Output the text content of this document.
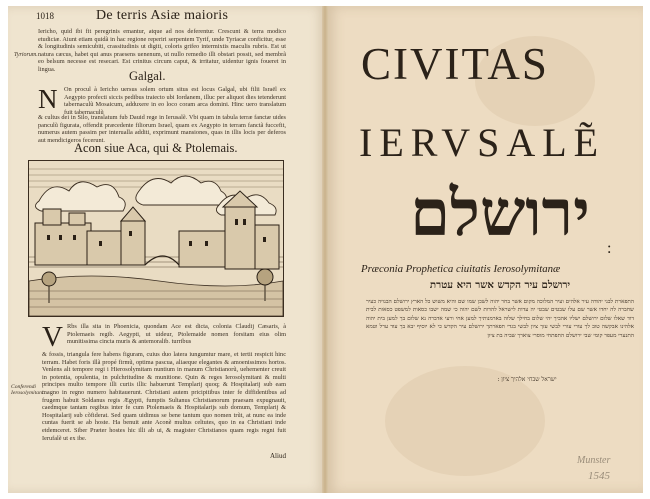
1018	De terris Asiæ maioris
Tyriorum.
Iericho, quid ibi fit peregrinis emantur, atque ad nos deferentur. Crescunt & terra modico etudiciæ. Aiunt etiam quidã in hac regione reperiri serpentem Tyrif, unde Tyriacæ conficitur, esse & longitudinis semicubiti, crassitudinis ut digiti, coloris grifeo intermixtis maculis rubris. Est ut natura cæcus, habet qui anus praesens uenenum, ut nullo remedio illi obstari possit, sed membrã eo belsum necesse est resecari. Est crinitus circum caput, & irritatur, uidentur ignis foueret in lingua.	Galgal.
N On procul à Iericho uersus solem ortum situs est locus Galgal, ubi filii Israël ex Aegypto profecti siccis pedibus traiecto ubi Iordanem, illuc per aliquot dies tetenderunt tabernaculũ Mosaicum, adduxere in eo loco coram arca domini. Hinc uero translatum fuit tabernaculũ
& cultus dei in Silo, translatum fub Dauid rege in Ierusalẽ. Vbi quam in tabula terræ fanctæ uides panculũ figurata, offendit præcedente filiorum Israel, quam ex Aegypto in terram fanctã fuccefit, numerus autem passim per interualla additi, exprimunt mansiones, quas in illis locis per deferos aut mendicigeros fecerunt.
Acon siue Aca, qui & Ptolemais.
V Rbs illa sita in Phoenicia, quondam Ace est dicta, colonia Claudij Cæsaris, à Ptolemaeis regib. Aegypti, ut uideur, Ptolemaide nomen forsitam eius olim munitissima cincta muris & antemoralib. turribus
& fossis, triangula fere habens figuram, cuius duo latera iungumtur mare, et tertii respicit hinc terram. Habet foris illã propé firmũ, optima pascua, aliaeque elegantes & amoenissimos hortos. Venlens alt tempore regi i Hierosolymitam nuntium in manum Christianorũ, uehementer creuit in potentia, opulentia, in pulchritudine & munitione. Quin & reges Ierosolymitani & multi principes multo tempore illi curiis illic habuerunt Templarij quoq; & Hospitalarij sub eam magno in regno numero habitauerunt. Christiani autem pricipitibus inter fe diffidentibus ad frugem habuit Soldanus regis Ægypti, fumptis Sultanus Christianorum praesam expugnauit, caedmque tantam regibus inter fe cum Ptolemaeis & Hospitalarijs sub domum, Templarij & Hospitalarij sub cõfiderat. Sed quam uidimus se bene tantum quo nomen trũt, at nunc ea inde cuntas fuerit se ab hoste. Ha benuit ante Aconẽ multus celtutes, quo in ea Christiani inde etdemceret. Siber Præter hostes hic illi ab ui, & magister Christianos quam regis regni fuit Ierufalẽ ut ex ibe.
Conferendi Ierosolymitani.
Aliud
CIVITAS
IERVSALẼ
ירושלם	:
Præconia Prophetica ciuitatis Ierosolymitanæ
ירושלם עיר הקדש אשר היא עטרת
התפארת לבני יהודה עיר אלהים ועיר המלוכה מקום אשר בחר יהוה לשכן שמו שם והיא משוש כל הארץ ירושלם הבנויה כעיר שחברה לה יחדו אשר שם עלו שבטים שבטי יה עדות לישראל להדות לשם יהוה כי שמה ישבו כסאות למשפט כסאות לבית דוד שאלו שלום ירושלם ישליו אהביך יהי שלום בחילך שלוה בארמנותיך למען אחי ורעי אדברה נא שלום בך למען בית יהוה אלהינו אבקשה טוב לך עורי עורי לבשי עזך ציון לבשי בגדי תפארתך ירושלם עיר הקדש כי לא יוסיף יבא בך עוד ערל וטמא התנערי מעפר קומי שבי ירושלם התפתחי מוסרי צוארך שביה בת ציון
ישראל שבחי אלהיך ציון :
Munster
1545
